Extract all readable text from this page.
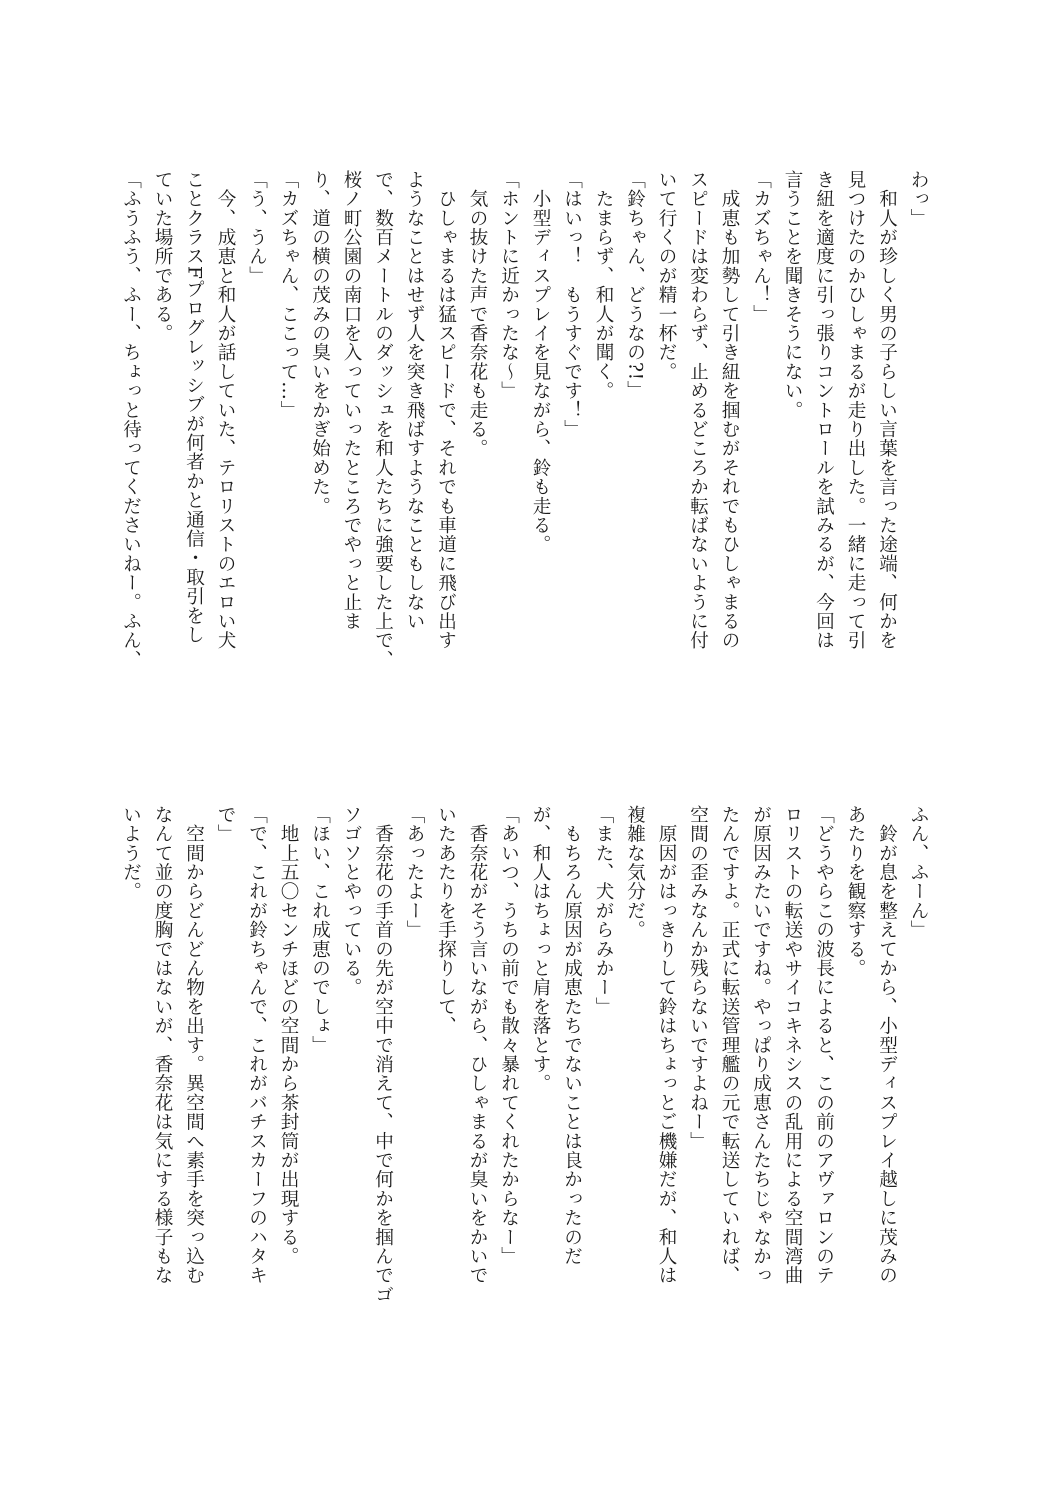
わっ」
　和人が珍しく男の子らしい言葉を言った途端、何かを
見つけたのかひしゃまるが走り出した。一緒に走って引
き紐を適度に引っ張りコントロールを試みるが、今回は
言うことを聞きそうにない。
「カズちゃん！」
　成恵も加勢して引き紐を掴むがそれでもひしゃまるの
スピードは変わらず、止めるどころか転ばないように付
いて行くのが精一杯だ。
「鈴ちゃん、どうなの?!」
　たまらず、和人が聞く。
「はいっ！　もうすぐです！」
　小型ディスプレイを見ながら、鈴も走る。
「ホントに近かったな～」
　気の抜けた声で香奈花も走る。
　ひしゃまるは猛スピードで、それでも車道に飛び出す
ようなことはせず人を突き飛ばすようなこともしない
で、数百メートルのダッシュを和人たちに強要した上で、
桜ノ町公園の南口を入っていったところでやっと止ま
り、道の横の茂みの臭いをかぎ始めた。
「カズちゃん、ここって…」
「う、うん」
　今、成恵と和人が話していた、テロリストのエロい犬
ことクラスFプログレッシブが何者かと通信・取引をし
ていた場所である。
「ふうふう、ふー、ちょっと待ってくださいねー。ふん、
ふん、ふーん」
　鈴が息を整えてから、小型ディスプレイ越しに茂みの
あたりを観察する。
「どうやらこの波長によると、この前のアヴァロンのテ
ロリストの転送やサイコキネシスの乱用による空間湾曲
が原因みたいですね。やっぱり成恵さんたちじゃなかっ
たんですよ。正式に転送管理艦の元で転送していれば、
空間の歪みなんか残らないですよねー」
　原因がはっきりして鈴はちょっとご機嫌だが、和人は
複雑な気分だ。
「また、犬がらみかー」
　もちろん原因が成恵たちでないことは良かったのだ
が、和人はちょっと肩を落とす。
「あいつ、うちの前でも散々暴れてくれたからなー」
　香奈花がそう言いながら、ひしゃまるが臭いをかいで
いたあたりを手探りして、
「あったよー」
　香奈花の手首の先が空中で消えて、中で何かを掴んでゴ
ソゴソとやっている。
「ほい、これ成恵のでしょ」
　地上五〇センチほどの空間から茶封筒が出現する。
「で、これが鈴ちゃんで、これがバチスカーフのハタキ
で」
　空間からどんどん物を出す。異空間へ素手を突っ込む
なんて並の度胸ではないが、香奈花は気にする様子もな
いようだ。
